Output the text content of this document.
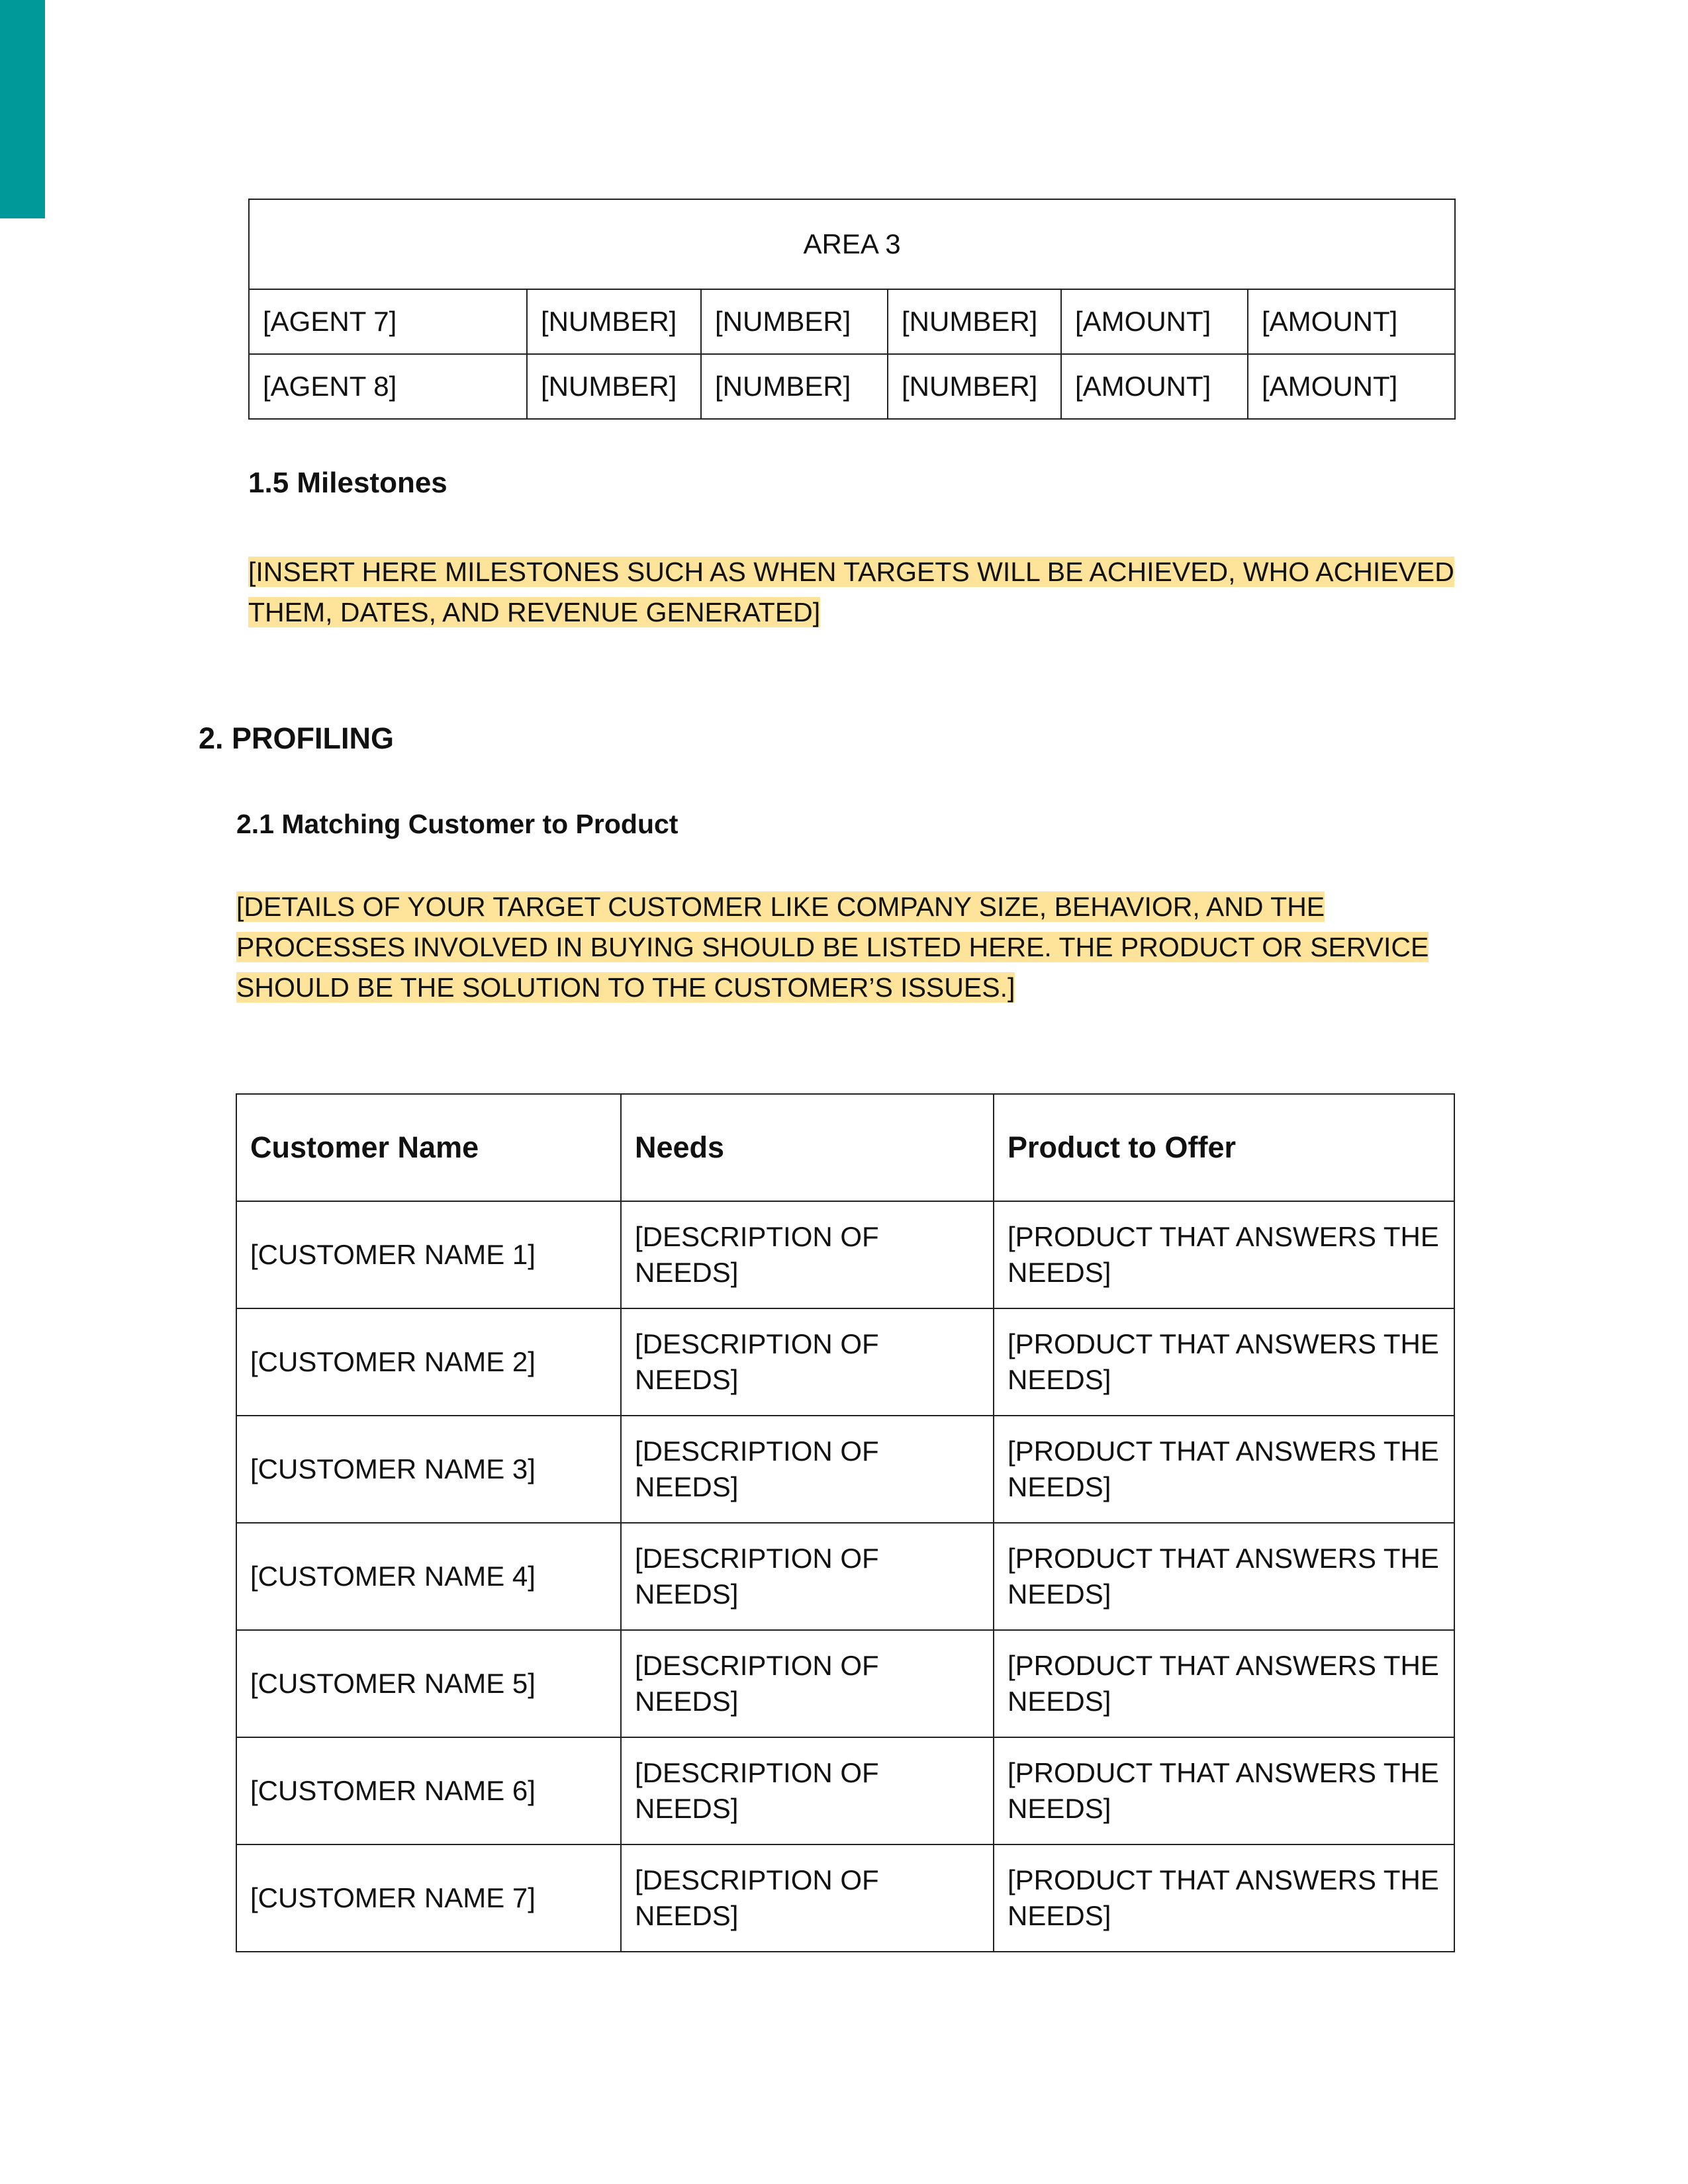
AREA 3					
[AGENT 7]	[NUMBER]	[NUMBER]	[NUMBER]	[AMOUNT]	[AMOUNT]
[AGENT 8]	[NUMBER]	[NUMBER]	[NUMBER]	[AMOUNT]	[AMOUNT]
1.5 Milestones

[INSERT HERE MILESTONES SUCH AS WHEN TARGETS WILL BE ACHIEVED, WHO ACHIEVED THEM, DATES, AND REVENUE GENERATED]

2. PROFILING
2.1 Matching Customer to Product

[DETAILS OF YOUR TARGET CUSTOMER LIKE COMPANY SIZE, BEHAVIOR, AND THE PROCESSES INVOLVED IN BUYING SHOULD BE LISTED HERE. THE PRODUCT OR SERVICE SHOULD BE THE SOLUTION TO THE CUSTOMER’S ISSUES.]

Customer Name	Needs	Product to Offer
[CUSTOMER NAME 1]	[DESCRIPTION OF NEEDS]	[PRODUCT THAT ANSWERS THE NEEDS]
[CUSTOMER NAME 2]	[DESCRIPTION OF NEEDS]	[PRODUCT THAT ANSWERS THE NEEDS]
[CUSTOMER NAME 3]	[DESCRIPTION OF NEEDS]	[PRODUCT THAT ANSWERS THE NEEDS]
[CUSTOMER NAME 4]	[DESCRIPTION OF NEEDS]	[PRODUCT THAT ANSWERS THE NEEDS]
[CUSTOMER NAME 5]	[DESCRIPTION OF NEEDS]	[PRODUCT THAT ANSWERS THE NEEDS]
[CUSTOMER NAME 6]	[DESCRIPTION OF NEEDS]	[PRODUCT THAT ANSWERS THE NEEDS]
[CUSTOMER NAME 7]	[DESCRIPTION OF NEEDS]	[PRODUCT THAT ANSWERS THE NEEDS]
